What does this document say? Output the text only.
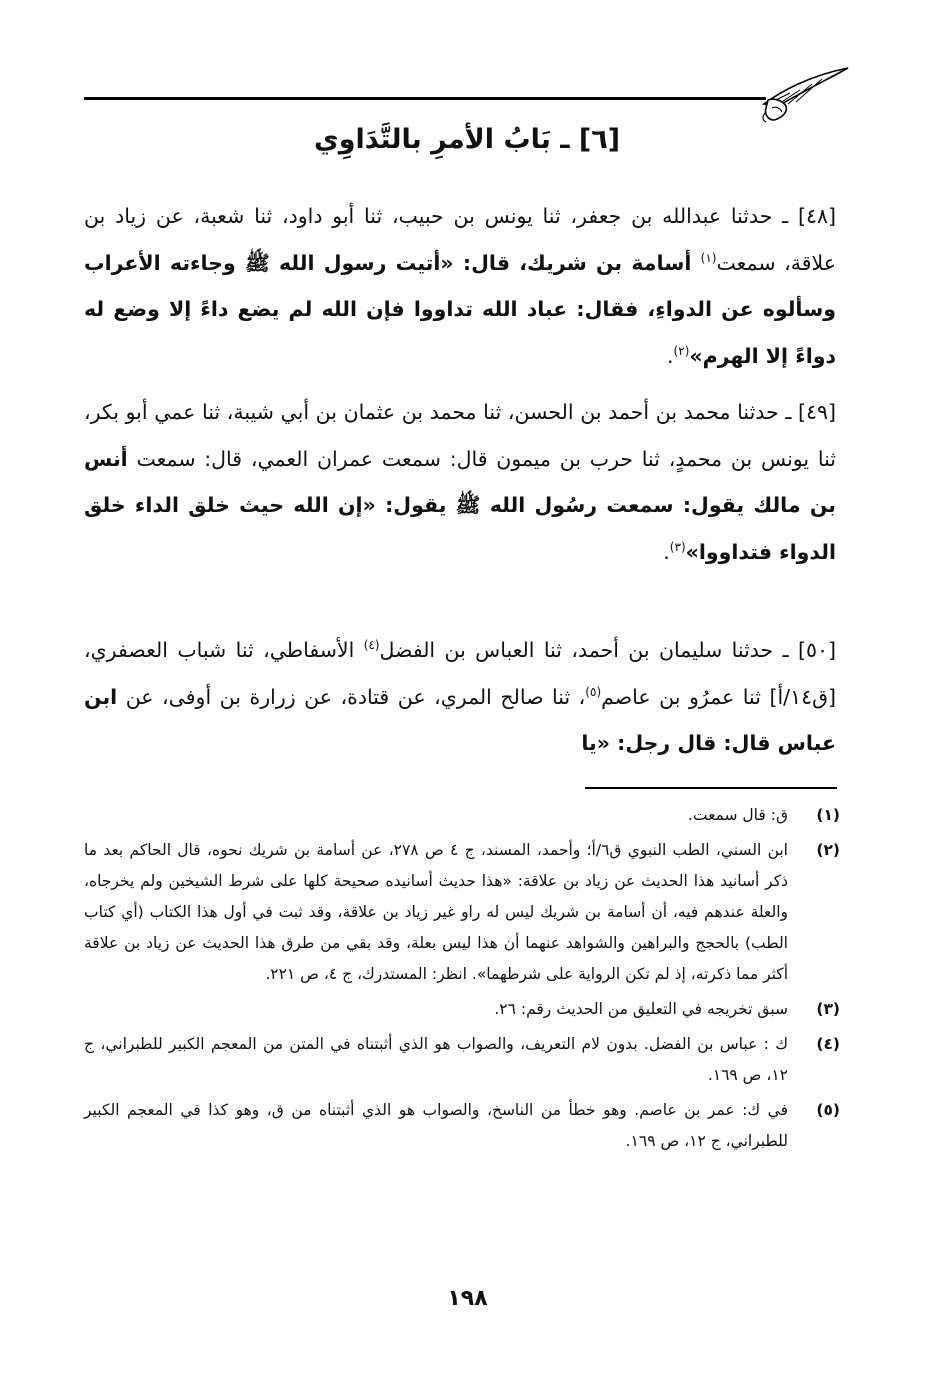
[٦] ـ بَابُ الأمرِ بالتَّدَاوِي

[٤٨] ـ حدثنا عبدالله بن جعفر، ثنا يونس بن حبيب، ثنا أبو داود، ثنا شعبة، عن زياد بن علاقة، سمعت$^{(١)}$ أسامة بن شريك، قال: «أتيت رسول الله ﷺ وجاءته الأعراب وسألوه عن الدواءِ، فقال: عباد الله تداووا فإن الله لم يضع داءً إلا وضع له دواءً إلا الهرم»$^{(٢)}$.

[٤٩] ـ حدثنا محمد بن أحمد بن الحسن، ثنا محمد بن عثمان بن أبي شيبة، ثنا عمي أبو بكر، ثنا يونس بن محمدٍ، ثنا حرب بن ميمون قال: سمعت عمران العمي، قال: سمعت أنس بن مالك يقول: سمعت رسُول الله ﷺ يقول: «إن الله حيث خلق الداء خلق الدواء فتداووا»$^{(٣)}$.

[٥٠] ـ حدثنا سليمان بن أحمد، ثنا العباس بن الفضل$^{(٤)}$ الأسفاطي، ثنا شباب العصفري، [ق١٤/أ] ثنا عمرُو بن عاصم$^{(٥)}$، ثنا صالح المري، عن قتادة، عن زرارة بن أوفى، عن ابن عباس قال: قال رجل: «يا

(١)
ق: قال سمعت.
(٢)
ابن السني، الطب النبوي ق٦/أ؛ وأحمد، المسند، ج ٤ ص ٢٧٨، عن أسامة بن شريك نحوه، قال الحاكم بعد ما ذكر أسانيد هذا الحديث عن زياد بن علاقة: «هذا حديث أسانيده صحيحة كلها على شرط الشيخين ولم يخرجاه، والعلة عندهم فيه، أن أسامة بن شريك ليس له راو غير زياد بن علاقة، وقد ثبت في أول هذا الكتاب (أي كتاب الطب) بالحجج والبراهين والشواهد عنهما أن هذا ليس بعلة، وقد بقي من طرق هذا الحديث عن زياد بن علاقة أكثر مما ذكرته، إذ لم تكن الرواية على شرطهما». انظر: المستدرك، ج ٤، ص ٢٢١.
(٣)
سبق تخريجه في التعليق من الحديث رقم: ٢٦.
(٤)
ك : عباس بن الفضل. بدون لام التعريف، والصواب هو الذي أثبتناه في المتن من المعجم الكبير للطبراني، ج ١٢، ص ١٦٩.
(٥)
في ك: عمر بن عاصم. وهو خطأ من الناسخ، والصواب هو الذي أثبتناه من ق، وهو كذا في المعجم الكبير للطبراني، ج ١٢، ص ١٦٩.
١٩٨
